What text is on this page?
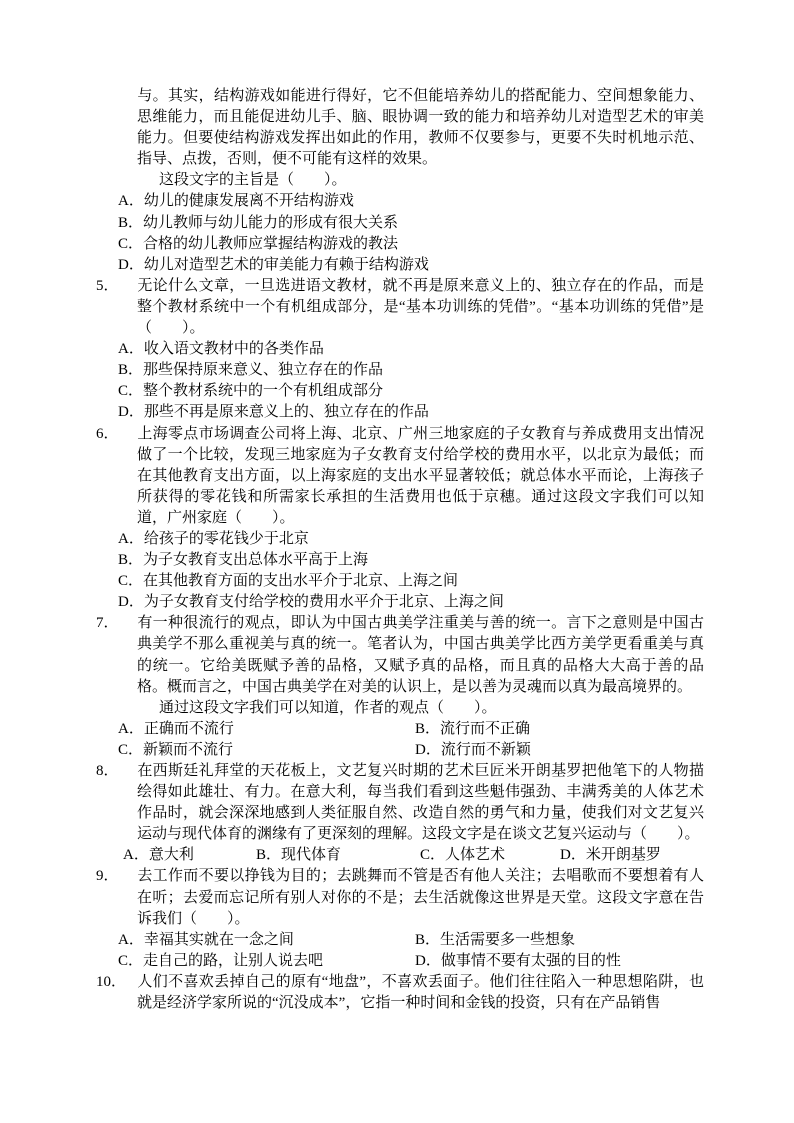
与。其实，结构游戏如能进行得好，它不但能培养幼儿的搭配能力、空间想象能力、思维能力，而且能促进幼儿手、脑、眼协调一致的能力和培养幼儿对造型艺术的审美能力。但要使结构游戏发挥出如此的作用，教师不仅要参与，更要不失时机地示范、指导、点拨，否则，便不可能有这样的效果。
这段文字的主旨是（　　）。
A．幼儿的健康发展离不开结构游戏
B．幼儿教师与幼儿能力的形成有很大关系
C．合格的幼儿教师应掌握结构游戏的教法
D．幼儿对造型艺术的审美能力有赖于结构游戏
5． 无论什么文章，一旦选进语文教材，就不再是原来意义上的、独立存在的作品，而是整个教材系统中一个有机组成部分，是“基本功训练的凭借”。“基本功训练的凭借”是（　　）。
A．收入语文教材中的各类作品
B．那些保持原来意义、独立存在的作品
C．整个教材系统中的一个有机组成部分
D．那些不再是原来意义上的、独立存在的作品
6． 上海零点市场调查公司将上海、北京、广州三地家庭的子女教育与养成费用支出情况做了一个比较，发现三地家庭为子女教育支付给学校的费用水平，以北京为最低；而在其他教育支出方面，以上海家庭的支出水平显著较低；就总体水平而论，上海孩子所获得的零花钱和所需家长承担的生活费用也低于京穗。通过这段文字我们可以知道，广州家庭（　　）。
A．给孩子的零花钱少于北京
B．为子女教育支出总体水平高于上海
C．在其他教育方面的支出水平介于北京、上海之间
D．为子女教育支付给学校的费用水平介于北京、上海之间
7． 有一种很流行的观点，即认为中国古典美学注重美与善的统一。言下之意则是中国古典美学不那么重视美与真的统一。笔者认为，中国古典美学比西方美学更看重美与真的统一。它给美既赋予善的品格，又赋予真的品格，而且真的品格大大高于善的品格。概而言之，中国古典美学在对美的认识上，是以善为灵魂而以真为最高境界的。
通过这段文字我们可以知道，作者的观点（　　）。
A．正确而不流行	B．流行而不正确
C．新颖而不流行	D．流行而不新颖
8． 在西斯廷礼拜堂的天花板上，文艺复兴时期的艺术巨匠米开朗基罗把他笔下的人物描绘得如此雄壮、有力。在意大利，每当我们看到这些魁伟强劲、丰满秀美的人体艺术作品时，就会深深地感到人类征服自然、改造自然的勇气和力量，使我们对文艺复兴运动与现代体育的渊缘有了更深刻的理解。这段文字是在谈文艺复兴运动与（　　）。
A．意大利	B．现代体育	C．人体艺术	D．米开朗基罗
9． 去工作而不要以挣钱为目的；去跳舞而不管是否有他人关注；去唱歌而不要想着有人在听；去爱而忘记所有别人对你的不是；去生活就像这世界是天堂。这段文字意在告诉我们（　　）。
A．幸福其实就在一念之间	B．生活需要多一些想象
C．走自己的路，让别人说去吧	D．做事情不要有太强的目的性
10． 人们不喜欢丢掉自己的原有“地盘”，不喜欢丢面子。他们往往陷入一种思想陷阱，也就是经济学家所说的“沉没成本”，它指一种时间和金钱的投资，只有在产品销售
